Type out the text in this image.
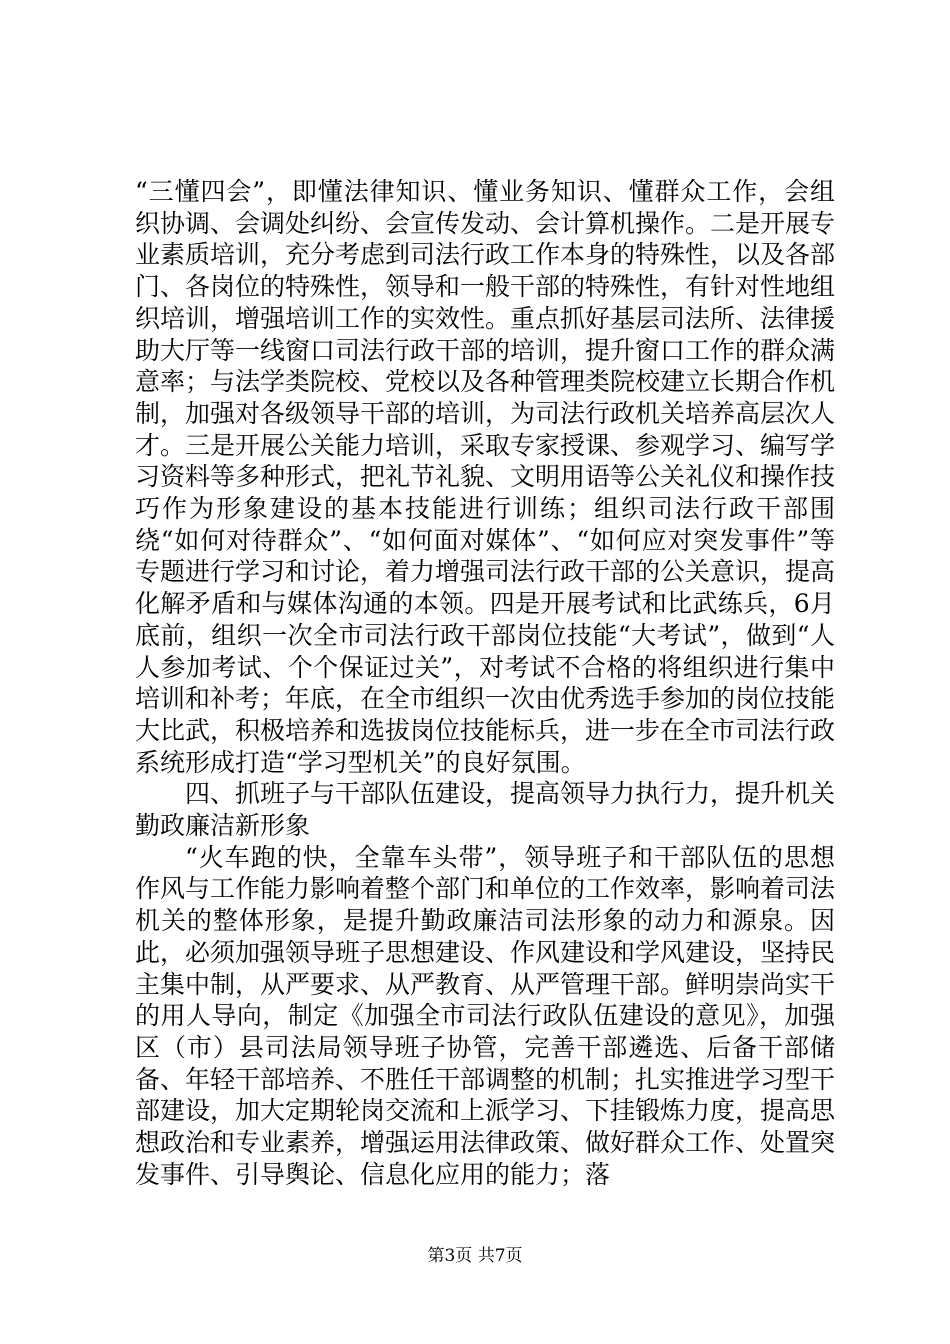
“三懂四会”，即懂法律知识、懂业务知识、懂群众工作，会组织协调、会调处纠纷、会宣传发动、会计算机操作。二是开展专业素质培训，充分考虑到司法行政工作本身的特殊性，以及各部门、各岗位的特殊性，领导和一般干部的特殊性，有针对性地组织培训，增强培训工作的实效性。重点抓好基层司法所、法律援助大厅等一线窗口司法行政干部的培训，提升窗口工作的群众满意率；与法学类院校、党校以及各种管理类院校建立长期合作机制，加强对各级领导干部的培训，为司法行政机关培养高层次人才。三是开展公关能力培训，采取专家授课、参观学习、编写学习资料等多种形式，把礼节礼貌、文明用语等公关礼仪和操作技巧作为形象建设的基本技能进行训练；组织司法行政干部围绕“如何对待群众”、“如何面对媒体”、“如何应对突发事件”等专题进行学习和讨论，着力增强司法行政干部的公关意识，提高化解矛盾和与媒体沟通的本领。四是开展考试和比武练兵，6月底前，组织一次全市司法行政干部岗位技能“大考试”，做到“人人参加考试、个个保证过关”，对考试不合格的将组织进行集中培训和补考；年底，在全市组织一次由优秀选手参加的岗位技能大比武，积极培养和选拔岗位技能标兵，进一步在全市司法行政系统形成打造“学习型机关”的良好氛围。

四、抓班子与干部队伍建设，提高领导力执行力，提升机关勤政廉洁新形象

“火车跑的快，全靠车头带”，领导班子和干部队伍的思想作风与工作能力影响着整个部门和单位的工作效率，影响着司法机关的整体形象，是提升勤政廉洁司法形象的动力和源泉。因此，必须加强领导班子思想建设、作风建设和学风建设，坚持民主集中制，从严要求、从严教育、从严管理干部。鲜明崇尚实干的用人导向，制定《加强全市司法行政队伍建设的意见》，加强区（市）县司法局领导班子协管，完善干部遴选、后备干部储备、年轻干部培养、不胜任干部调整的机制；扎实推进学习型干部建设，加大定期轮岗交流和上派学习、下挂锻炼力度，提高思想政治和专业素养，增强运用法律政策、做好群众工作、处置突发事件、引导舆论、信息化应用的能力；落

第3页 共7页
